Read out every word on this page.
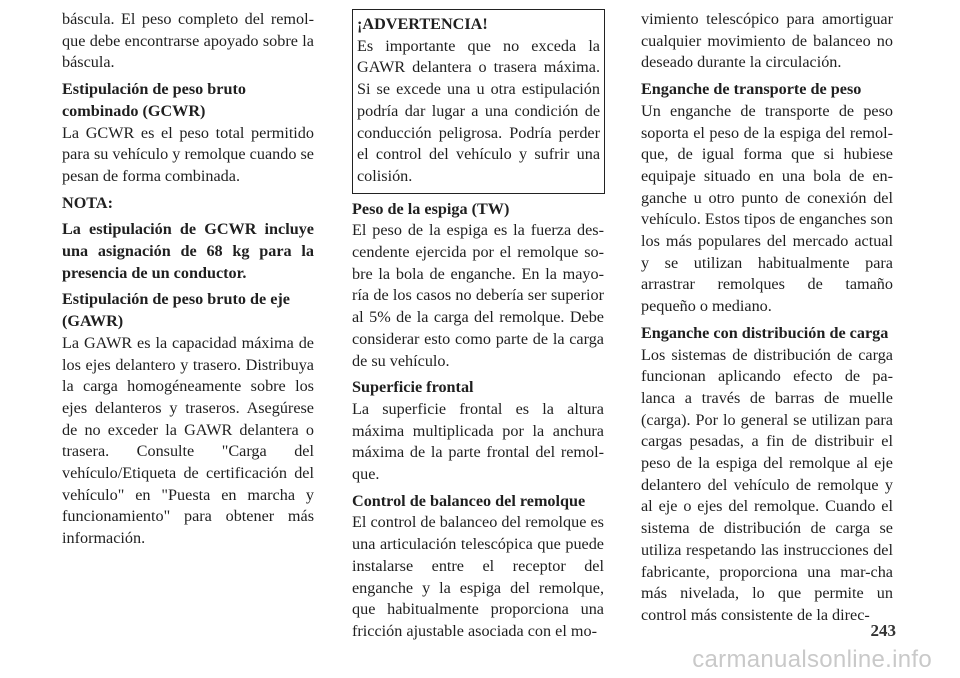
báscula. El peso completo del remol-que debe encontrarse apoyado sobre la báscula.

Estipulación de peso bruto combinado (GCWR)

La GCWR es el peso total permitido para su vehículo y remolque cuando se pesan de forma combinada.

NOTA:

La estipulación de GCWR incluye una asignación de 68 kg para la presencia de un conductor.

Estipulación de peso bruto de eje (GAWR)

La GAWR es la capacidad máxima de los ejes delantero y trasero. Distribuya la carga homogéneamente sobre los ejes delanteros y traseros. Asegúrese de no exceder la GAWR delantera o trasera. Consulte "Carga del vehículo/Etiqueta de certificación del vehículo" en "Puesta en marcha y funcionamiento" para obtener más información.

¡ADVERTENCIA!

Es importante que no exceda la GAWR delantera o trasera máxima. Si se excede una u otra estipulación podría dar lugar a una condición de conducción peligrosa. Podría perder el control del vehículo y sufrir una colisión.

Peso de la espiga (TW)

El peso de la espiga es la fuerza des-cendente ejercida por el remolque so-bre la bola de enganche. En la mayo-ría de los casos no debería ser superior al 5% de la carga del remolque. Debe considerar esto como parte de la carga de su vehículo.

Superficie frontal

La superficie frontal es la altura máxima multiplicada por la anchura máxima de la parte frontal del remol-que.

Control de balanceo del remolque

El control de balanceo del remolque es una articulación telescópica que puede instalarse entre el receptor del enganche y la espiga del remolque, que habitualmente proporciona una fricción ajustable asociada con el mo-

vimiento telescópico para amortiguar cualquier movimiento de balanceo no deseado durante la circulación.

Enganche de transporte de peso

Un enganche de transporte de peso soporta el peso de la espiga del remol-que, de igual forma que si hubiese equipaje situado en una bola de en-ganche u otro punto de conexión del vehículo. Estos tipos de enganches son los más populares del mercado actual y se utilizan habitualmente para arrastrar remolques de tamaño pequeño o mediano.

Enganche con distribución de carga

Los sistemas de distribución de carga funcionan aplicando efecto de pa-lanca a través de barras de muelle (carga). Por lo general se utilizan para cargas pesadas, a fin de distribuir el peso de la espiga del remolque al eje delantero del vehículo de remolque y al eje o ejes del remolque. Cuando el sistema de distribución de carga se utiliza respetando las instrucciones del fabricante, proporciona una mar-cha más nivelada, lo que permite un control más consistente de la direc-

243
carmanualsonline.info
